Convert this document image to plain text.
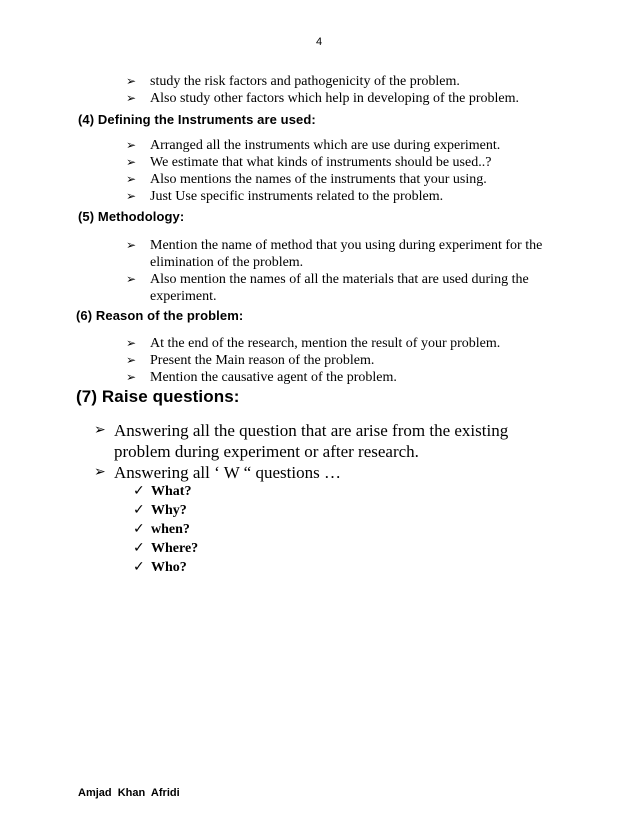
4
➢ study the risk factors and pathogenicity of the problem.
➢ Also study other factors which help in developing of the problem.
(4) Defining the Instruments are used:
➢ Arranged all the instruments which are use during experiment.
➢ We estimate that what kinds of instruments should be used..?
➢ Also mentions the names of the instruments that your using.
➢ Just Use specific instruments related to the problem.
(5) Methodology:
➢ Mention the name of method that you using during experiment for the elimination of the problem.
➢ Also mention the names of all the materials that are used during the experiment.
(6) Reason of the problem:
➢ At the end of the research, mention the result of your problem.
➢ Present the Main reason of the problem.
➢ Mention the causative agent of the problem.
(7) Raise questions:
➢ Answering all the question that are arise from the existing problem during experiment or after research.
➢ Answering all ‘ W “ questions …
✓ What?
✓ Why?
✓ when?
✓ Where?
✓ Who?
Amjad  Khan  Afridi
